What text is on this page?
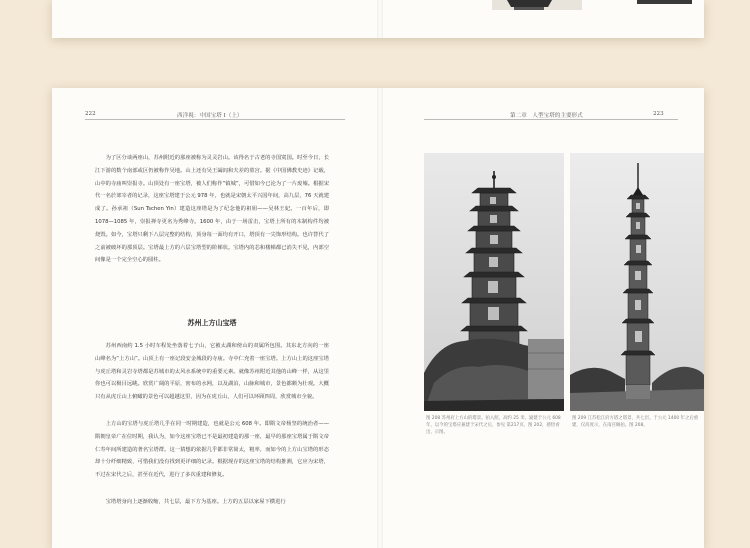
222	西洋視：中国宝塔 I（上）	第二章　人型宝塔的主要形式	223

为了区分谈两座山，苏州附近的那座被称为灵灵岩山。该得名于古老的寺国寞国。时至今日，长江下游的数个南部或区仍被称作吴地。山上还有吴王阖闾和夫差的墓宫。据《中国佛教史迹》记载，山中的寺庙叫崇报寺。山顶处有一座宝塔，被人们称作“镇城”，可惜如今已沦为了一片废墟。根据宋代一名於郊宰者的记录，这座宝塔建于公元 978 年，也就是宋朝太平兴国年间，高九层，76 天就建成了。孙承祖（Sun Tschen Yin）建造这座塔是为了纪念他的祖姐——吴林王妃。一百年后，即 1078—1085 年，崇报禅寺更名为秀峰寺。1600 年，由于一场雷击，宝塔上所有的木制构件均被烧毁。如今，宝塔只剩下八层完整的结构，顶身每一面均有开口，塔顶有一尖饰形结构。也许替代了之前被破坏的那顶层。宝塔最上方的六层宝塔型的阶梯状。宝塔内的芯和楼梯都已消失不见，内部空间像是一个完全空心的圆柱。

苏州上方山宝塔

苏州西南约 1.5 小时车程处坐落着七子山，它被太湖和傍山的双属所包围。其东北方向的一座山峰名为“上方山”。山顶上有一座记段安金城段的寺庙。寺中仁充着一座宝塔。上方山上的这座宝塔与虎丘塔和灵岩寺塔都是苏城市的太风水系统中的重要元素。就像苏州附近其他的山峰一样，从这里你也可以极目远眺。欣赏广阔的平原，密布的水网，以及湖泊，山脉和城市，景色都颇为壮观。大概只有从虎丘山上俯瞰的景色可以超越这里，因为在虎丘山，人们可以环顾四周，欣赏城市全貌。

上方山的宝塔与虎丘塔几乎在同一时期建造，也就是公元 608 年。即隋文帝杨坚的统治者——隋朝皇帝广在位时期，我认为，如今这座宝塔已不是最初建造的那一座，最早的那座宝塔属于隋文帝仁寿年间所建造的著名宝塔群。这一猜想的依据几乎都非常简太，粗率，而如今的上方山宝塔的形态却十分纤细精致，可惜我们没有找到更详细的记录。根据现存的这座宝塔的结构推测，它应为宋塔，不过在宋代之后，甚至在近代，进行了多次重建和修复。

宝塔塔身向上逐渐收缩，共七层，最下方为基座。上方的五层以家屋下横进行

图 208 苏州府上方山的塔景。拍入照，高约 25 米，疑建于公元 608 年，以今的宝塔应兼建于宋代之后，参见 第217页。图 202，感悟看出，示图。
图 209 江苏松江府方塔之塔景，共七层。于公元 1400 年之后重建，仅高度示，在南宫佩拍。图 208。
